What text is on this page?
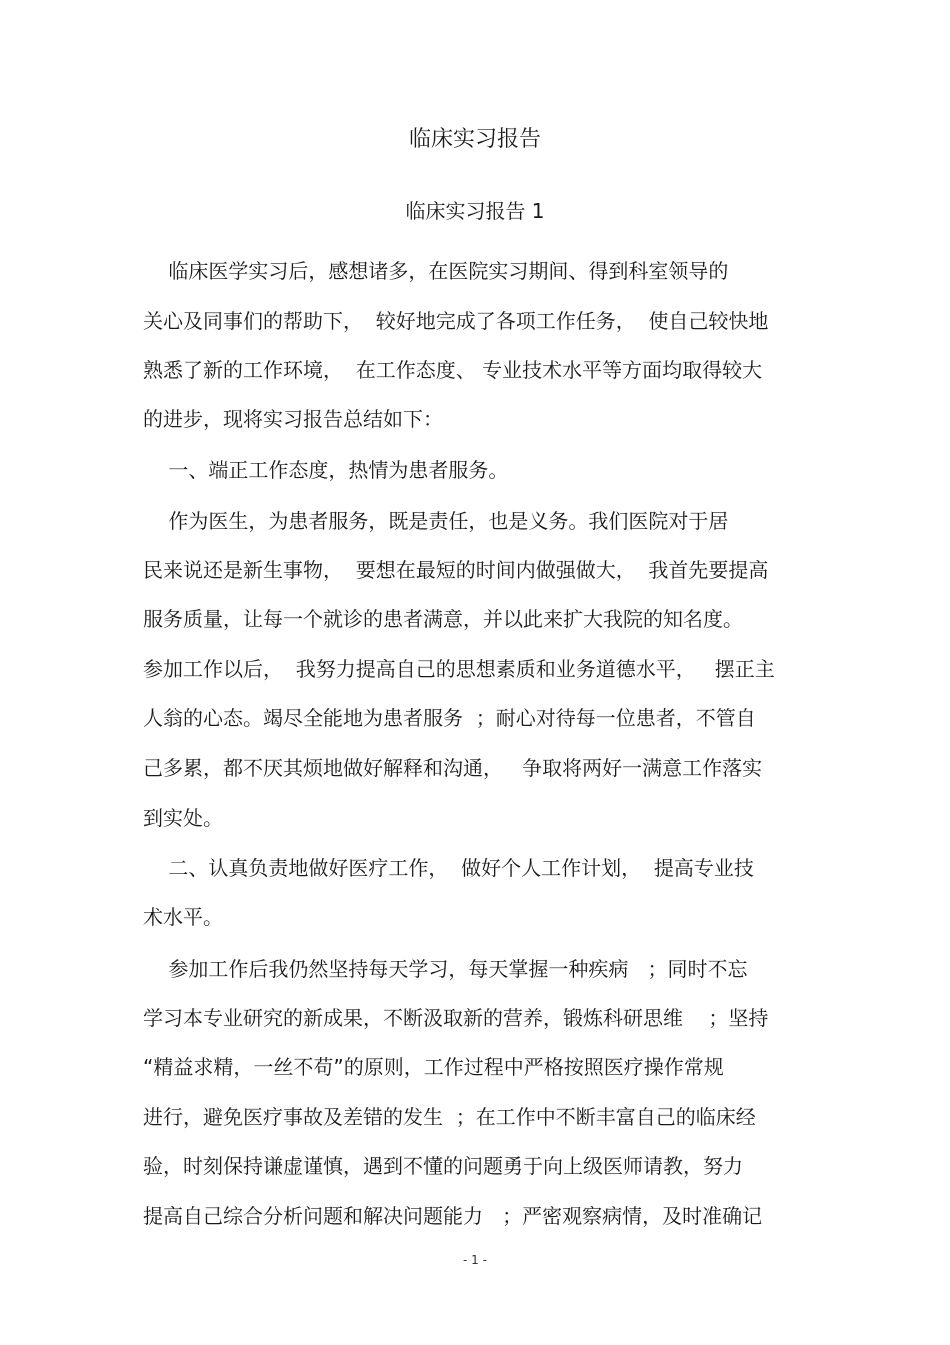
临床实习报告
临床实习报告 1

临床医学实习后，感想诸多，在医院实习期间、得到科室领导的

关心及同事们的帮助下，  较好地完成了各项工作任务，  使自己较快地

熟悉了新的工作环境，  在工作态度、 专业技术水平等方面均取得较大

的进步，现将实习报告总结如下：

一、端正工作态度，热情为患者服务。

作为医生，为患者服务，既是责任，也是义务。我们医院对于居

民来说还是新生事物，  要想在最短的时间内做强做大，  我首先要提高

服务质量，让每一个就诊的患者满意，并以此来扩大我院的知名度。

参加工作以后，  我努力提高自己的思想素质和业务道德水平，   摆正主

人翁的心态。竭尽全能地为患者服务  ；耐心对待每一位患者，不管自

己多累，都不厌其烦地做好解释和沟通，   争取将两好一满意工作落实

到实处。

二、认真负责地做好医疗工作，  做好个人工作计划，  提高专业技

术水平。

参加工作后我仍然坚持每天学习，每天掌握一种疾病   ；同时不忘

学习本专业研究的新成果，不断汲取新的营养，锻炼科研思维    ；坚持

“精益求精，一丝不苟”的原则，工作过程中严格按照医疗操作常规

进行，避免医疗事故及差错的发生  ；在工作中不断丰富自己的临床经

验，时刻保持谦虚谨慎，遇到不懂的问题勇于向上级医师请教，努力

提高自己综合分析问题和解决问题能力   ；严密观察病情，及时准确记

- 1 -
